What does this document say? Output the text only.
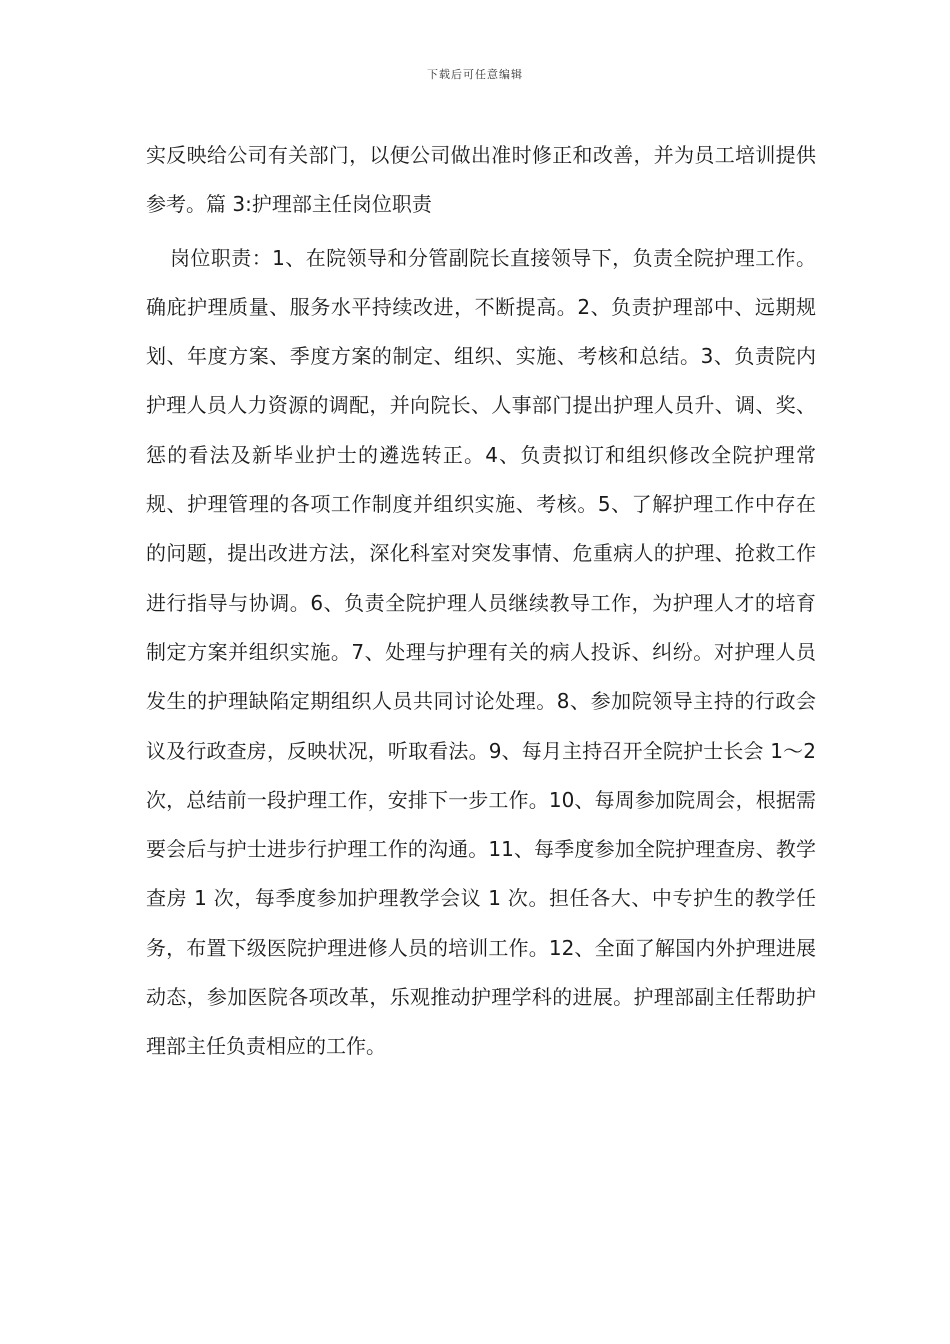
下载后可任意编辑

实反映给公司有关部门，以便公司做出准时修正和改善，并为员工培训提供参考。篇 3:护理部主任岗位职责

岗位职责：1、在院领导和分管副院长直接领导下，负责全院护理工作。确庇护理质量、服务水平持续改进，不断提高。2、负责护理部中、远期规划、年度方案、季度方案的制定、组织、实施、考核和总结。3、负责院内护理人员人力资源的调配，并向院长、人事部门提出护理人员升、调、奖、惩的看法及新毕业护士的遴选转正。4、负责拟订和组织修改全院护理常规、护理管理的各项工作制度并组织实施、考核。5、了解护理工作中存在的问题，提出改进方法，深化科室对突发事情、危重病人的护理、抢救工作进行指导与协调。6、负责全院护理人员继续教导工作，为护理人才的培育制定方案并组织实施。7、处理与护理有关的病人投诉、纠纷。对护理人员发生的护理缺陷定期组织人员共同讨论处理。8、参加院领导主持的行政会议及行政查房，反映状况，听取看法。9、每月主持召开全院护士长会 1～2 次，总结前一段护理工作，安排下一步工作。10、每周参加院周会，根据需要会后与护士进步行护理工作的沟通。11、每季度参加全院护理查房、教学查房 1 次，每季度参加护理教学会议 1 次。担任各大、中专护生的教学任务，布置下级医院护理进修人员的培训工作。12、全面了解国内外护理进展动态，参加医院各项改革，乐观推动护理学科的进展。护理部副主任帮助护理部主任负责相应的工作。
